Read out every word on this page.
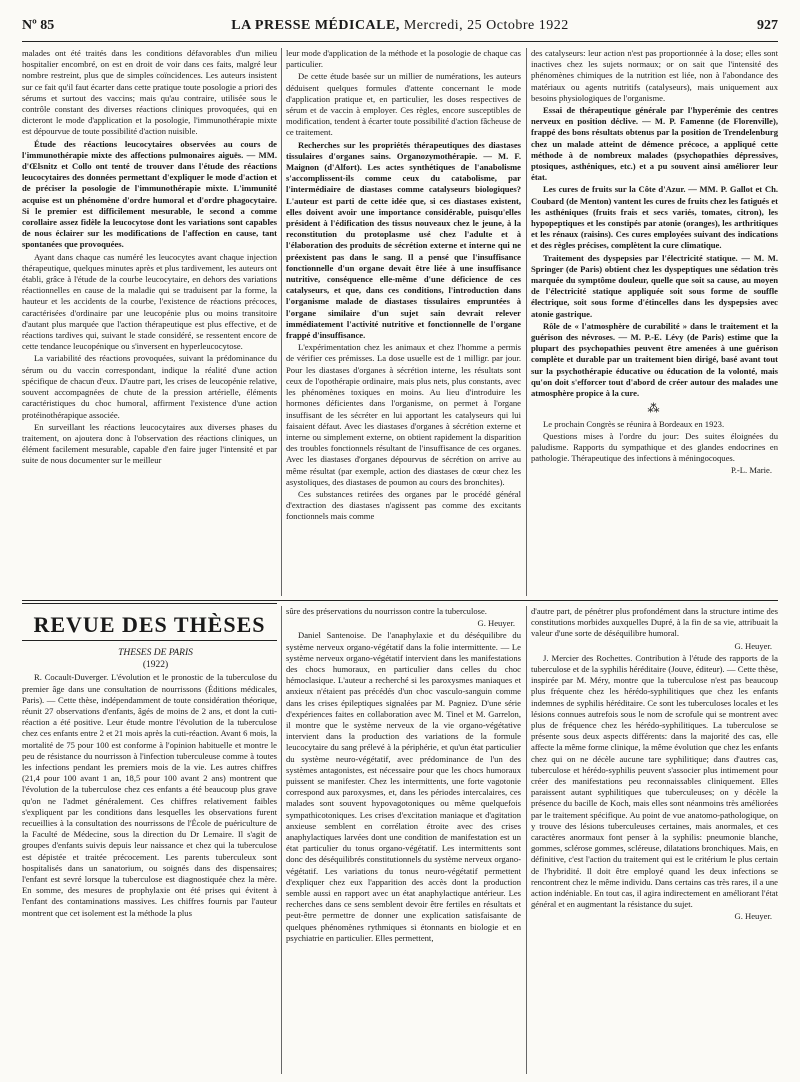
Nº 85	LA PRESSE MÉDICALE, Mercredi, 25 Octobre 1922	927

malades ont été traités dans les conditions défavorables d'un milieu hospitalier encombré, on est en droit de voir dans ces faits, malgré leur nombre restreint, plus que de simples coïncidences. Les auteurs insistent sur ce fait qu'il faut écarter dans cette pratique toute posologie a priori des sérums et surtout des vaccins; mais qu'au contraire, utilisée sous le contrôle constant des diverses réactions cliniques provoquées, qui en dicteront le mode d'application et la posologie, l'immunothérapie mixte est dépourvue de toute possibilité d'action nuisible.

Étude des réactions leucocytaires observées au cours de l'immunothérapie mixte des affections pulmonaires aiguës. — MM. d'Œlsnitz et Collo ont tenté de trouver dans l'étude des réactions leucocytaires des données permettant d'expliquer le mode d'action et de préciser la posologie de l'immunothérapie mixte. L'immunité acquise est un phénomène d'ordre humoral et d'ordre phagocytaire. Si le premier est difficilement mesurable, le second a comme corollaire assez fidèle la leucocytose dont les variations sont capables de nous éclairer sur les modifications de l'affection en cause, tant spontanées que provoquées.

Ayant dans chaque cas numéré les leucocytes avant chaque injection thérapeutique, quelques minutes après et plus tardivement, les auteurs ont établi, grâce à l'étude de la courbe leucocytaire, en dehors des variations réactionnelles en cause de la maladie qui se traduisent par la forme, la hauteur et les accidents de la courbe, l'existence de réactions précoces, caractérisées d'ordinaire par une leucopénie plus ou moins transitoire d'autant plus marquée que l'action thérapeutique est plus effective, et de réactions tardives qui, suivant le stade considéré, se ressentent encore de cette tendance leucopénique ou s'inversent en hyperleucocytose.

La variabilité des réactions provoquées, suivant la prédominance du sérum ou du vaccin correspondant, indique la réalité d'une action spécifique de chacun d'eux. D'autre part, les crises de leucopénie relative, souvent accompagnées de chute de la pression artérielle, éléments caractéristiques du choc humoral, affirment l'existence d'une action protéinothérapique associée.

En surveillant les réactions leucocytaires aux diverses phases du traitement, on ajoutera donc à l'observation des réactions cliniques, un élément facilement mesurable, capable d'en faire juger l'intensité et par suite de nous documenter sur le meilleur

leur mode d'application de la méthode et la posologie de chaque cas particulier.

De cette étude basée sur un millier de numérations, les auteurs déduisent quelques formules d'attente concernant le mode d'application pratique et, en particulier, les doses respectives de sérum et de vaccin à employer. Ces règles, encore susceptibles de modification, tendent à écarter toute possibilité d'action fâcheuse de ce traitement.

Recherches sur les propriétés thérapeutiques des diastases tissulaires d'organes sains. Organozymothérapie. — M. F. Maignon (d'Alfort). Les actes synthétiques de l'anabolisme s'accomplissent-ils comme ceux du catabolisme, par l'intermédiaire de diastases comme catalyseurs biologiques? L'auteur est parti de cette idée que, si ces diastases existent, elles doivent avoir une importance considérable, puisqu'elles président à l'édification des tissus nouveaux chez le jeune, à la reconstitution du protoplasme usé chez l'adulte et à l'élaboration des produits de sécrétion externe et interne qui ne préexistent pas dans le sang. Il a pensé que l'insuffisance fonctionnelle d'un organe devait être liée à une insuffisance nutritive, conséquence elle-même d'une déficience de ces catalyseurs, et que, dans ces conditions, l'introduction dans l'organisme malade de diastases tissulaires empruntées à l'organe similaire d'un sujet sain devrait relever immédiatement l'activité nutritive et fonctionnelle de l'organe frappé d'insuffisance.

L'expérimentation chez les animaux et chez l'homme a permis de vérifier ces prémisses. La dose usuelle est de 1 milligr. par jour. Pour les diastases d'organes à sécrétion interne, les résultats sont ceux de l'opothérapie ordinaire, mais plus nets, plus constants, avec les phénomènes toxiques en moins. Au lieu d'introduire les hormones déficientes dans l'organisme, on permet à l'organe insuffisant de les sécréter en lui apportant les catalyseurs qui lui faisaient défaut. Avec les diastases d'organes à sécrétion externe et interne ou simplement externe, on obtient rapidement la disparition des troubles fonctionnels résultant de l'insuffisance de ces organes. Avec les diastases d'organes dépourvus de sécrétion on arrive au même résultat (par exemple, action des diastases de cœur chez les asystoliques, des diastases de poumon au cours des bronchites).

Ces substances retirées des organes par le procédé général d'extraction des diastases n'agissent pas comme des excitants fonctionnels mais comme

des catalyseurs: leur action n'est pas proportionnée à la dose; elles sont inactives chez les sujets normaux; or on sait que l'intensité des phénomènes chimiques de la nutrition est liée, non à l'abondance des matériaux ou agents nutritifs (catalyseurs), mais uniquement aux besoins physiologiques de l'organisme.

Essai de thérapeutique générale par l'hyperémie des centres nerveux en position déclive. — M. P. Famenne (de Florenville), frappé des bons résultats obtenus par la position de Trendelenburg chez un malade atteint de démence précoce, a appliqué cette méthode à de nombreux malades (psychopathies dépressives, ptosiques, asthéniques, etc.) et a pu souvent ainsi améliorer leur état.

Les cures de fruits sur la Côte d'Azur. — MM. P. Gallot et Ch. Coubard (de Menton) vantent les cures de fruits chez les fatigués et les asthéniques (fruits frais et secs variés, tomates, citron), les hypopeptiques et les constipés par atonie (oranges), les arthritiques et les rénaux (raisins). Ces cures employées suivant des indications et des règles précises, complètent la cure climatique.

Traitement des dyspepsies par l'électricité statique. — M. M. Springer (de Paris) obtient chez les dyspeptiques une sédation très marquée du symptôme douleur, quelle que soit sa cause, au moyen de l'électricité statique appliquée soit sous forme de souffle électrique, soit sous forme d'étincelles dans les dyspepsies avec atonie gastrique.

Rôle de « l'atmosphère de curabilité » dans le traitement et la guérison des névroses. — M. P.-E. Lévy (de Paris) estime que la plupart des psychopathies peuvent être amenées à une guérison complète et durable par un traitement bien dirigé, basé avant tout sur la psychothérapie éducative ou éducation de la volonté, mais qu'on doit s'efforcer tout d'abord de créer autour des malades une atmosphère propice à la cure.

⁂

Le prochain Congrès se réunira à Bordeaux en 1923.

Questions mises à l'ordre du jour: Des suites éloignées du paludisme. Rapports du sympathique et des glandes endocrines en pathologie. Thérapeutique des infections à méningocoques.

P.-L. Marie.

REVUE DES THÈSES

THÈSES DE PARIS

(1922)

R. Cocault-Duverger. L'évolution et le pronostic de la tuberculose du premier âge dans une consultation de nourrissons (Éditions médicales, Paris). — Cette thèse, indépendamment de toute considération théorique, réunit 27 observations d'enfants, âgés de moins de 2 ans, et dont la cuti-réaction a été positive. Leur étude montre l'évolution de la tuberculose chez ces enfants entre 2 et 21 mois après la cuti-réaction. Avant 6 mois, la mortalité de 75 pour 100 est conforme à l'opinion habituelle et montre le peu de résistance du nourrisson à l'infection tuberculeuse comme à toutes les infections pendant les premiers mois de la vie. Les autres chiffres (21,4 pour 100 avant 1 an, 18,5 pour 100 avant 2 ans) montrent que l'évolution de la tuberculose chez ces enfants a été beaucoup plus grave qu'on ne l'admet généralement. Ces chiffres relativement faibles s'expliquent par les conditions dans lesquelles les observations furent recueillies à la consultation des nourrissons de l'École de puériculture de la Faculté de Médecine, sous la direction du Dr Lemaire. Il s'agit de groupes d'enfants suivis depuis leur naissance et chez qui la tuberculose est dépistée et traitée précocement. Les parents tuberculeux sont hospitalisés dans un sanatorium, ou soignés dans des dispensaires; l'enfant est sevré lorsque la tuberculose est diagnostiquée chez la mère. En somme, des mesures de prophylaxie ont été prises qui évitent à l'enfant des contaminations massives. Les chiffres fournis par l'auteur montrent que cet isolement est la méthode la plus

sûre des préservations du nourrisson contre la tuberculose.

G. Heuyer.

Daniel Santenoise. De l'anaphylaxie et du déséquilibre du système nerveux organo-végétatif dans la folie intermittente. — Le système nerveux organo-végétatif intervient dans les manifestations des chocs humoraux, en particulier dans celles du choc hémoclasique. L'auteur a recherché si les paroxysmes maniaques et anxieux n'étaient pas précédés d'un choc vasculo-sanguin comme dans les crises épileptiques signalées par M. Pagniez. D'une série d'expériences faites en collaboration avec M. Tinel et M. Garrelon, il montre que le système nerveux de la vie organo-végétative intervient dans la production des variations de la formule leucocytaire du sang prélevé à la périphérie, et qu'un état particulier du système neuro-végétatif, avec prédominance de l'un des systèmes antagonistes, est nécessaire pour que les chocs humoraux puissent se manifester. Chez les intermittents, une forte vagotonie correspond aux paroxysmes, et, dans les périodes intercalaires, ces malades sont souvent hypovagotoniques ou même quelquefois sympathicotoniques. Les crises d'excitation maniaque et d'agitation anxieuse semblent en corrélation étroite avec des crises anaphylactiques larvées dont une condition de manifestation est un état particulier du tonus organo-végétatif. Les intermittents sont donc des déséquilibrés constitutionnels du système nerveux organo-végétatif. Les variations du tonus neuro-végétatif permettent d'expliquer chez eux l'apparition des accès dont la production semble aussi en rapport avec un état anaphylactique antérieur. Les recherches dans ce sens semblent devoir être fertiles en résultats et peut-être permettre de donner une explication satisfaisante de quelques phénomènes rythmiques si étonnants en biologie et en psychiatrie en particulier. Elles permettent,

d'autre part, de pénétrer plus profondément dans la structure intime des constitutions morbides auxquelles Dupré, à la fin de sa vie, attribuait la valeur d'une sorte de déséquilibre humoral.

G. Heuyer.

J. Mercier des Rochettes. Contribution à l'étude des rapports de la tuberculose et de la syphilis héréditaire (Jouve, éditeur). — Cette thèse, inspirée par M. Méry, montre que la tuberculose n'est pas beaucoup plus fréquente chez les hérédo-syphilitiques que chez les enfants indemnes de syphilis héréditaire. Ce sont les tuberculoses locales et les lésions connues autrefois sous le nom de scrofule qui se montrent avec plus de fréquence chez les hérédo-syphilitiques. La tuberculose se présente sous deux aspects différents: dans la majorité des cas, elle affecte la même forme clinique, la même évolution que chez les enfants chez qui on ne décèle aucune tare syphilitique; dans d'autres cas, tuberculose et hérédo-syphilis peuvent s'associer plus intimement pour créer des manifestations peu reconnaissables cliniquement. Elles paraissent autant syphilitiques que tuberculeuses; on y décèle la présence du bacille de Koch, mais elles sont néanmoins très améliorées par le traitement spécifique. Au point de vue anatomo-pathologique, on y trouve des lésions tuberculeuses certaines, mais anormales, et ces caractères anormaux font penser à la syphilis: pneumonie blanche, gommes, sclérose gommes, scléreuse, dilatations bronchiques. Mais, en définitive, c'est l'action du traitement qui est le critérium le plus certain de l'hybridité. Il doit être employé quand les deux infections se rencontrent chez le même individu. Dans certains cas très rares, il a une action indéniable. En tout cas, il agira indirectement en améliorant l'état général et en augmentant la résistance du sujet.

G. Heuyer.
